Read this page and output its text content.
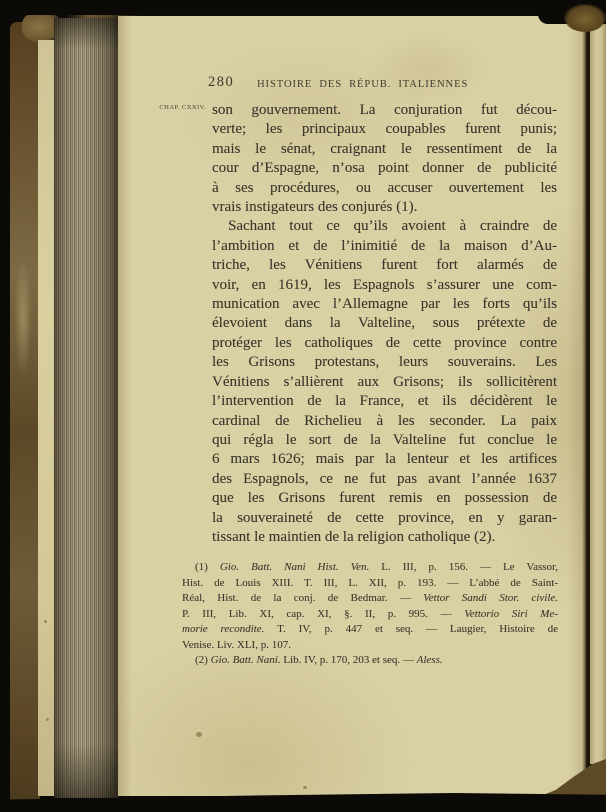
280 HISTOIRE DES RÉPUB. ITALIENNES
CHAP. CXXIV. son gouvernement. La conjuration fut décou-
verte; les principaux coupables furent punis;
mais le sénat, craignant le ressentiment de la
cour d’Espagne, n’osa point donner de publicité
à ses procédures, ou accuser ouvertement les
vrais instigateurs des conjurés (1).
Sachant tout ce qu’ils avoient à craindre de
l’ambition et de l’inimitié de la maison d’Au-
triche, les Vénitiens furent fort alarmés de
voir, en 1619, les Espagnols s’assurer une com-
munication avec l’Allemagne par les forts qu’ils
élevoient dans la Valteline, sous prétexte de
protéger les catholiques de cette province contre
les Grisons protestans, leurs souverains. Les
Vénitiens s’allièrent aux Grisons; ils sollicitèrent
l’intervention de la France, et ils décidèrent le
cardinal de Richelieu à les seconder. La paix
qui régla le sort de la Valteline fut conclue le
6 mars 1626; mais par la lenteur et les artifices
des Espagnols, ce ne fut pas avant l’année 1637
que les Grisons furent remis en possession de
la souveraineté de cette province, en y garan-
tissant le maintien de la religion catholique (2).
(1) Gio. Batt. Nani Hist. Ven. L. III, p. 156. — Le Vassor,
Hist. de Louis XIII. T. III, L. XII, p. 193. — L’abbé de Saint-
Réal, Hist. de la conj. de Bedmar. — Vettor Sandi Stor. civile.
P. III, Lib. XI, cap. XI, §. II, p. 995. — Vettorio Siri Me-
morie recondite. T. IV, p. 447 et seq. — Laugier, Histoire de
Venise. Liv. XLI, p. 107.
(2) Gio. Batt. Nani. Lib. IV, p. 170, 203 et seq. — Aless.
